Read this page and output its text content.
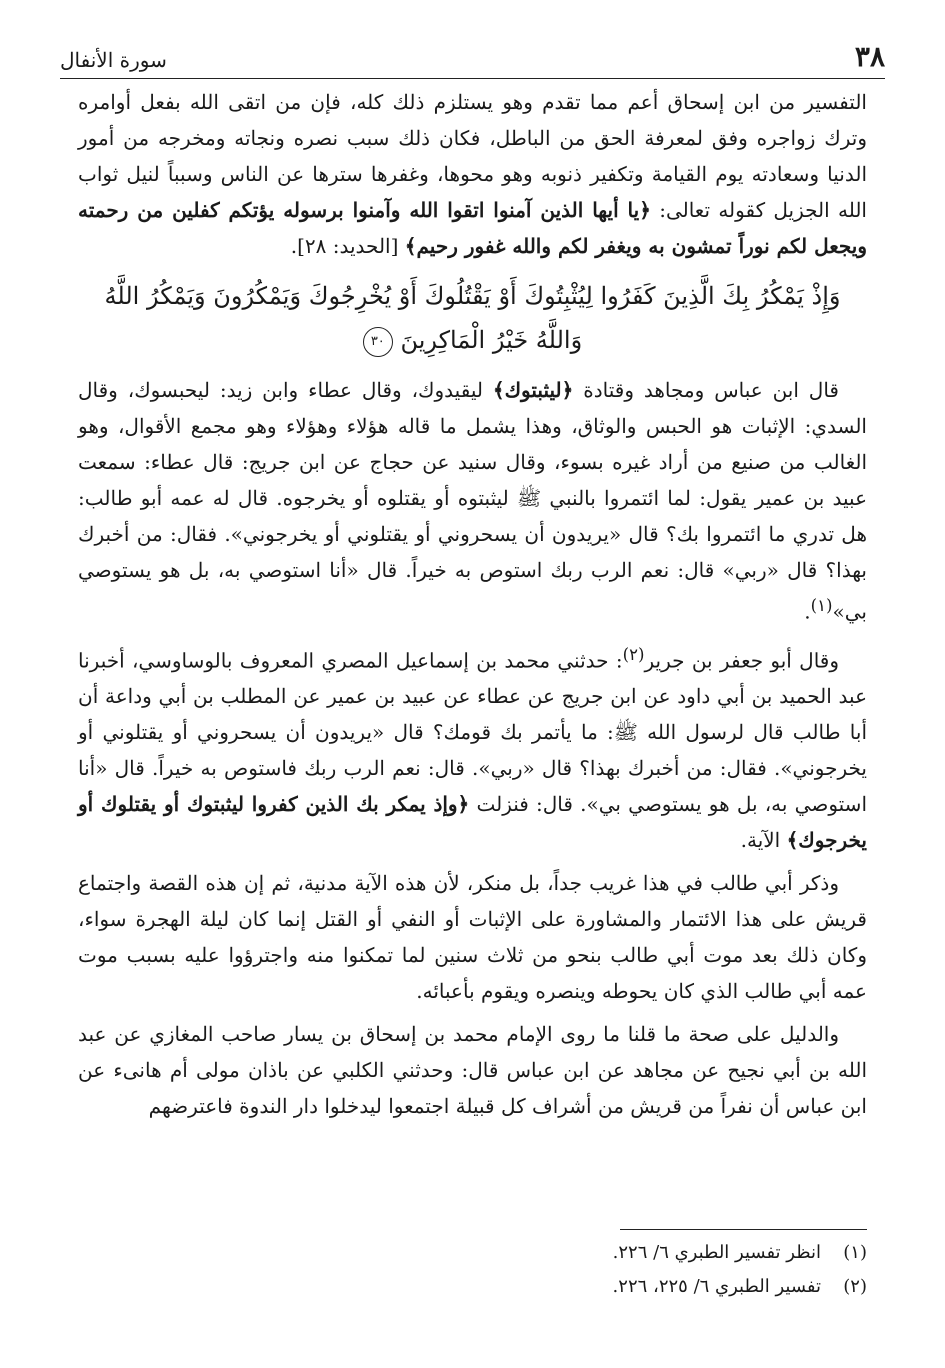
سورة الأنفال	٣٨

التفسير من ابن إسحاق أعم مما تقدم وهو يستلزم ذلك كله، فإن من اتقى الله بفعل أوامره وترك زواجره وفق لمعرفة الحق من الباطل، فكان ذلك سبب نصره ونجاته ومخرجه من أمور الدنيا وسعادته يوم القيامة وتكفير ذنوبه وهو محوها، وغفرها سترها عن الناس وسبباً لنيل ثواب الله الجزيل كقوله تعالى: ﴿يا أيها الذين آمنوا اتقوا الله وآمنوا برسوله يؤتكم كفلين من رحمته ويجعل لكم نوراً تمشون به ويغفر لكم والله غفور رحيم﴾ [الحديد: ٢٨].

وَإِذْ يَمْكُرُ بِكَ الَّذِينَ كَفَرُوا لِيُثْبِتُوكَ أَوْ يَقْتُلُوكَ أَوْ يُخْرِجُوكَ وَيَمْكُرُونَ وَيَمْكُرُ اللَّهُ وَاللَّهُ خَيْرُ الْمَاكِرِينَ ٣٠

قال ابن عباس ومجاهد وقتادة ﴿ليثبتوك﴾ ليقيدوك، وقال عطاء وابن زيد: ليحبسوك، وقال السدي: الإثبات هو الحبس والوثاق، وهذا يشمل ما قاله هؤلاء وهؤلاء وهو مجمع الأقوال، وهو الغالب من صنيع من أراد غيره بسوء، وقال سنيد عن حجاج عن ابن جريج: قال عطاء: سمعت عبيد بن عمير يقول: لما ائتمروا بالنبي ﷺ ليثبتوه أو يقتلوه أو يخرجوه. قال له عمه أبو طالب: هل تدري ما ائتمروا بك؟ قال «يريدون أن يسحروني أو يقتلوني أو يخرجوني». فقال: من أخبرك بهذا؟ قال «ربي» قال: نعم الرب ربك استوص به خيراً. قال «أنا استوصي به، بل هو يستوصي بي»$^{(١)}$.

وقال أبو جعفر بن جرير$^{(٢)}$: حدثني محمد بن إسماعيل المصري المعروف بالوساوسي، أخبرنا عبد الحميد بن أبي داود عن ابن جريج عن عطاء عن عبيد بن عمير عن المطلب بن أبي وداعة أن أبا طالب قال لرسول الله ﷺ: ما يأتمر بك قومك؟ قال «يريدون أن يسحروني أو يقتلوني أو يخرجوني». فقال: من أخبرك بهذا؟ قال «ربي». قال: نعم الرب ربك فاستوص به خيراً. قال «أنا استوصي به، بل هو يستوصي بي». قال: فنزلت ﴿وإذ يمكر بك الذين كفروا ليثبتوك أو يقتلوك أو يخرجوك﴾ الآية.

وذكر أبي طالب في هذا غريب جداً، بل منكر، لأن هذه الآية مدنية، ثم إن هذه القصة واجتماع قريش على هذا الائتمار والمشاورة على الإثبات أو النفي أو القتل إنما كان ليلة الهجرة سواء، وكان ذلك بعد موت أبي طالب بنحو من ثلاث سنين لما تمكنوا منه واجترؤوا عليه بسبب موت عمه أبي طالب الذي كان يحوطه وينصره ويقوم بأعبائه.

والدليل على صحة ما قلنا ما روى الإمام محمد بن إسحاق بن يسار صاحب المغازي عن عبد الله بن أبي نجيح عن مجاهد عن ابن عباس قال: وحدثني الكلبي عن باذان مولى أم هانىء عن ابن عباس أن نفراً من قريش من أشراف كل قبيلة اجتمعوا ليدخلوا دار الندوة فاعترضهم

(١)انظر تفسير الطبري ٦/ ٢٢٦.
(٢)تفسير الطبري ٦/ ٢٢٥، ٢٢٦.
